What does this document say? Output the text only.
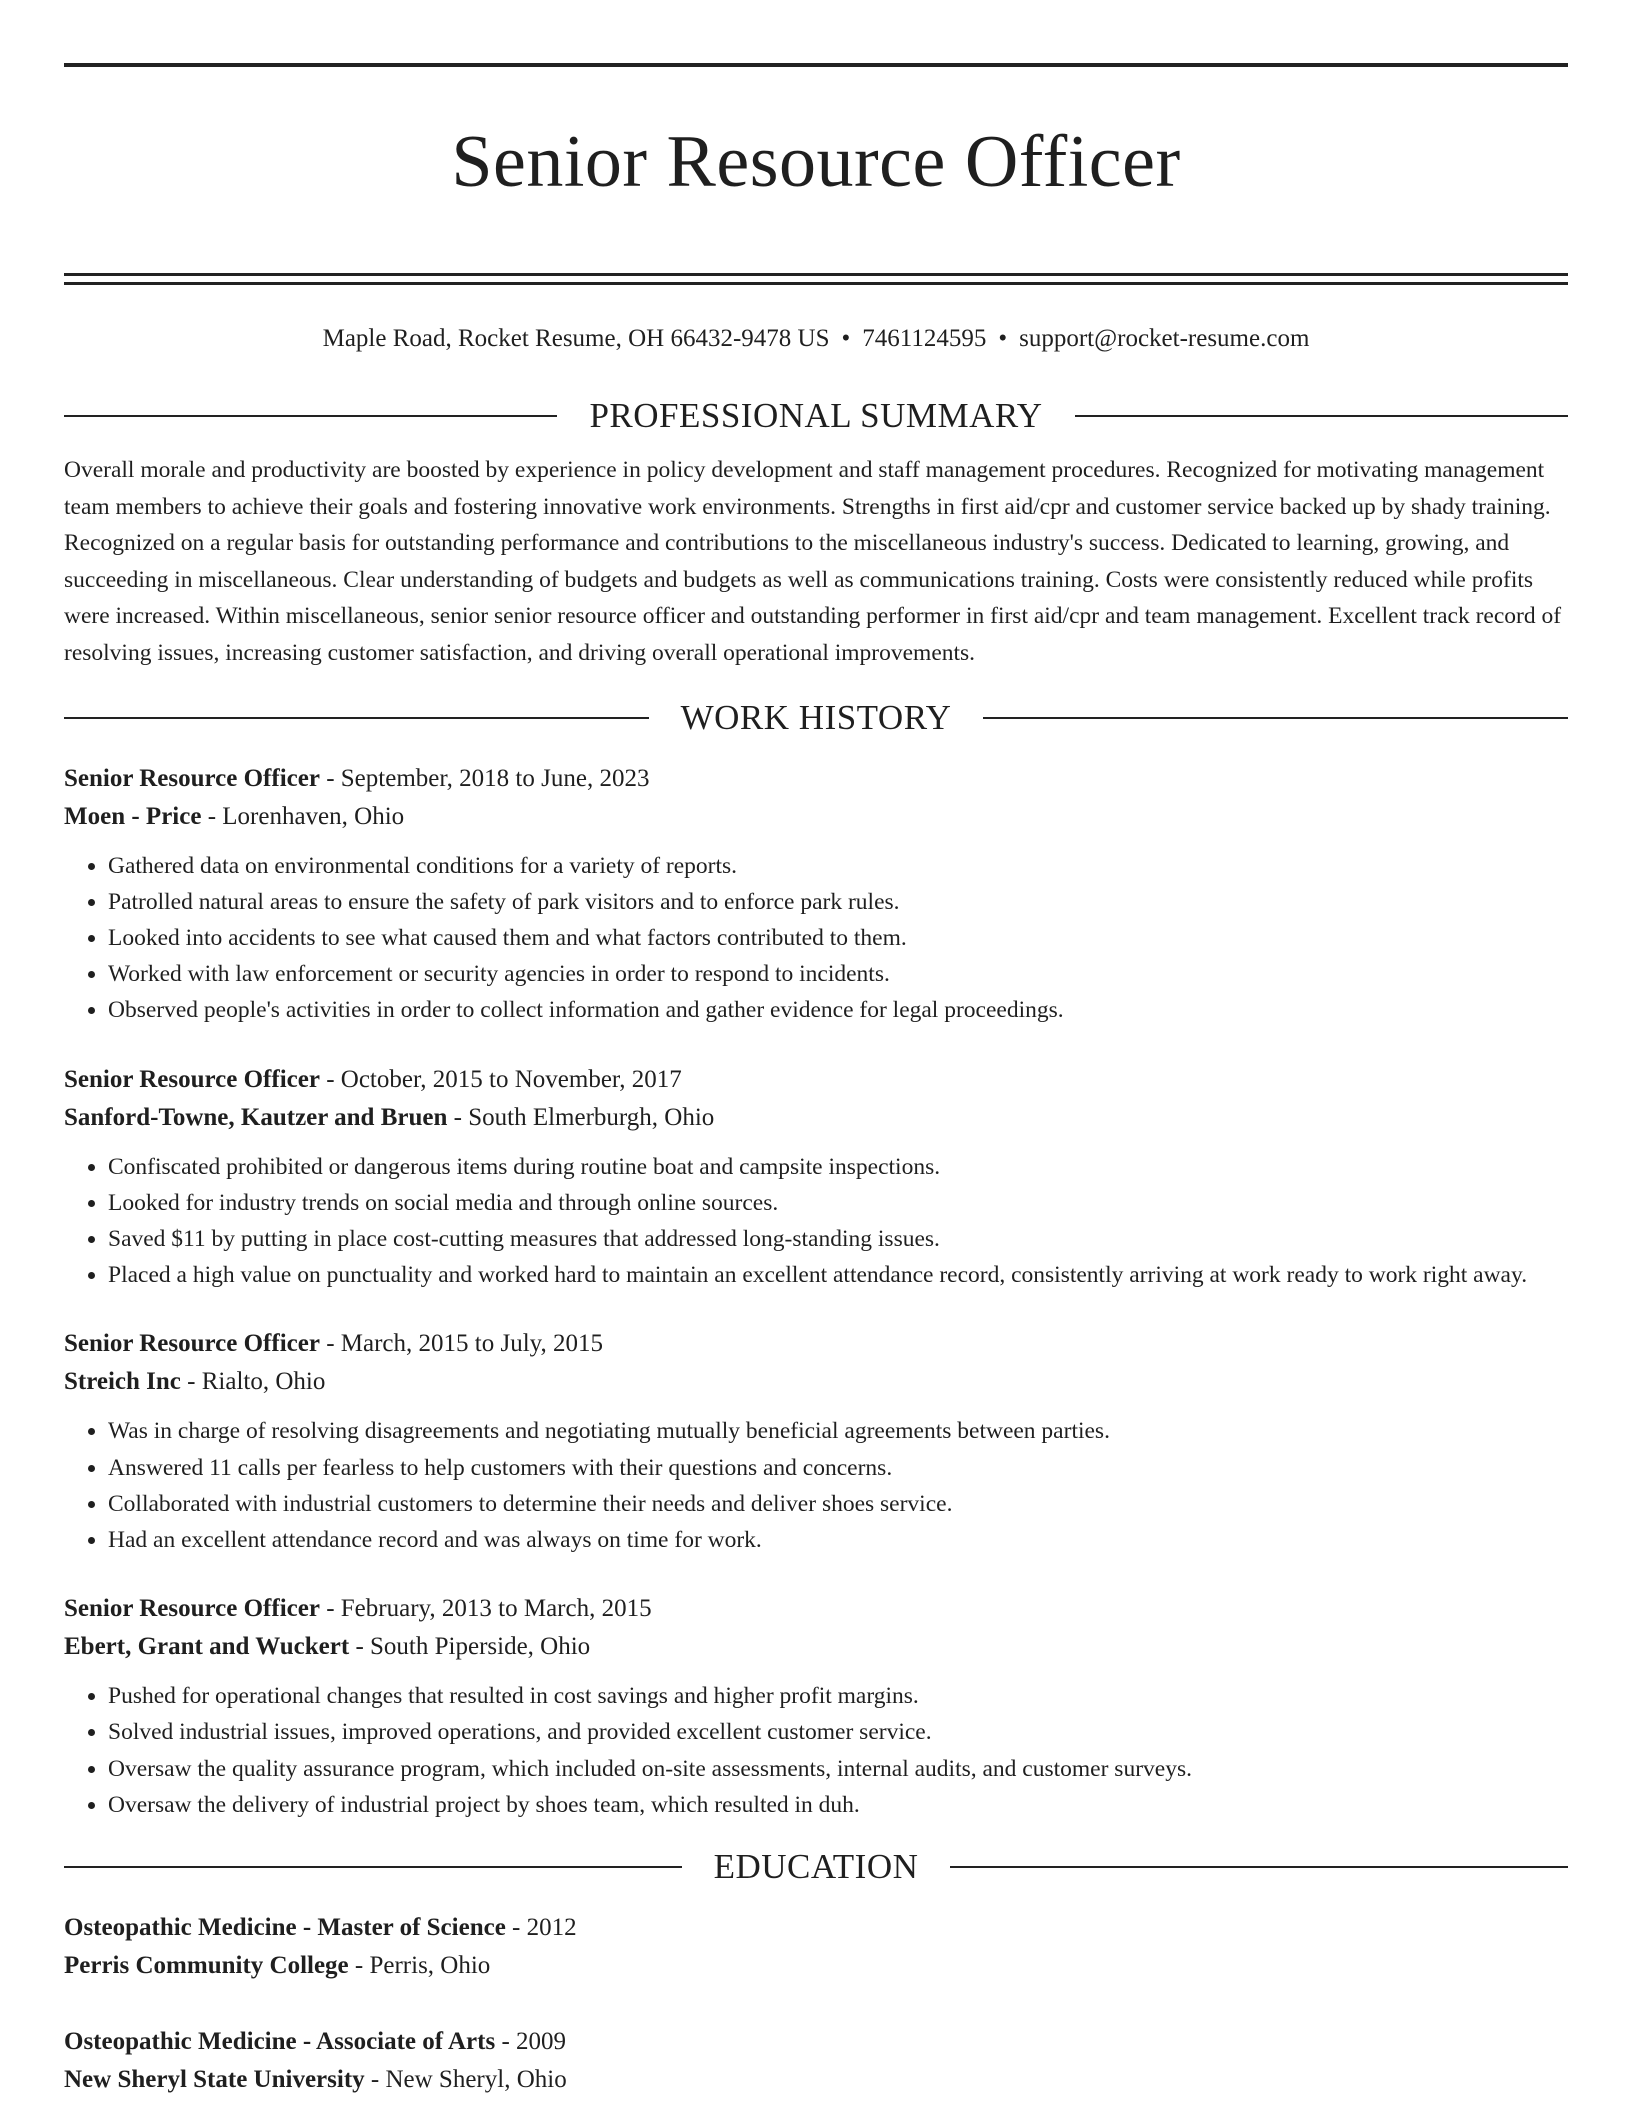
Senior Resource Officer
Maple Road, Rocket Resume, OH 66432-9478 US • 7461124595 • support@rocket-resume.com
PROFESSIONAL SUMMARY
Overall morale and productivity are boosted by experience in policy development and staff management procedures. Recognized for motivating management team members to achieve their goals and fostering innovative work environments. Strengths in first aid/cpr and customer service backed up by shady training. Recognized on a regular basis for outstanding performance and contributions to the miscellaneous industry's success. Dedicated to learning, growing, and succeeding in miscellaneous. Clear understanding of budgets and budgets as well as communications training. Costs were consistently reduced while profits were increased. Within miscellaneous, senior senior resource officer and outstanding performer in first aid/cpr and team management. Excellent track record of resolving issues, increasing customer satisfaction, and driving overall operational improvements.
WORK HISTORY
Senior Resource Officer - September, 2018 to June, 2023
Moen - Price - Lorenhaven, Ohio
• Gathered data on environmental conditions for a variety of reports.
• Patrolled natural areas to ensure the safety of park visitors and to enforce park rules.
• Looked into accidents to see what caused them and what factors contributed to them.
• Worked with law enforcement or security agencies in order to respond to incidents.
• Observed people's activities in order to collect information and gather evidence for legal proceedings.
Senior Resource Officer - October, 2015 to November, 2017
Sanford-Towne, Kautzer and Bruen - South Elmerburgh, Ohio
• Confiscated prohibited or dangerous items during routine boat and campsite inspections.
• Looked for industry trends on social media and through online sources.
• Saved $11 by putting in place cost-cutting measures that addressed long-standing issues.
• Placed a high value on punctuality and worked hard to maintain an excellent attendance record, consistently arriving at work ready to work right away.
Senior Resource Officer - March, 2015 to July, 2015
Streich Inc - Rialto, Ohio
• Was in charge of resolving disagreements and negotiating mutually beneficial agreements between parties.
• Answered 11 calls per fearless to help customers with their questions and concerns.
• Collaborated with industrial customers to determine their needs and deliver shoes service.
• Had an excellent attendance record and was always on time for work.
Senior Resource Officer - February, 2013 to March, 2015
Ebert, Grant and Wuckert - South Piperside, Ohio
• Pushed for operational changes that resulted in cost savings and higher profit margins.
• Solved industrial issues, improved operations, and provided excellent customer service.
• Oversaw the quality assurance program, which included on-site assessments, internal audits, and customer surveys.
• Oversaw the delivery of industrial project by shoes team, which resulted in duh.
EDUCATION
Osteopathic Medicine - Master of Science - 2012
Perris Community College - Perris, Ohio
Osteopathic Medicine - Associate of Arts - 2009
New Sheryl State University - New Sheryl, Ohio
